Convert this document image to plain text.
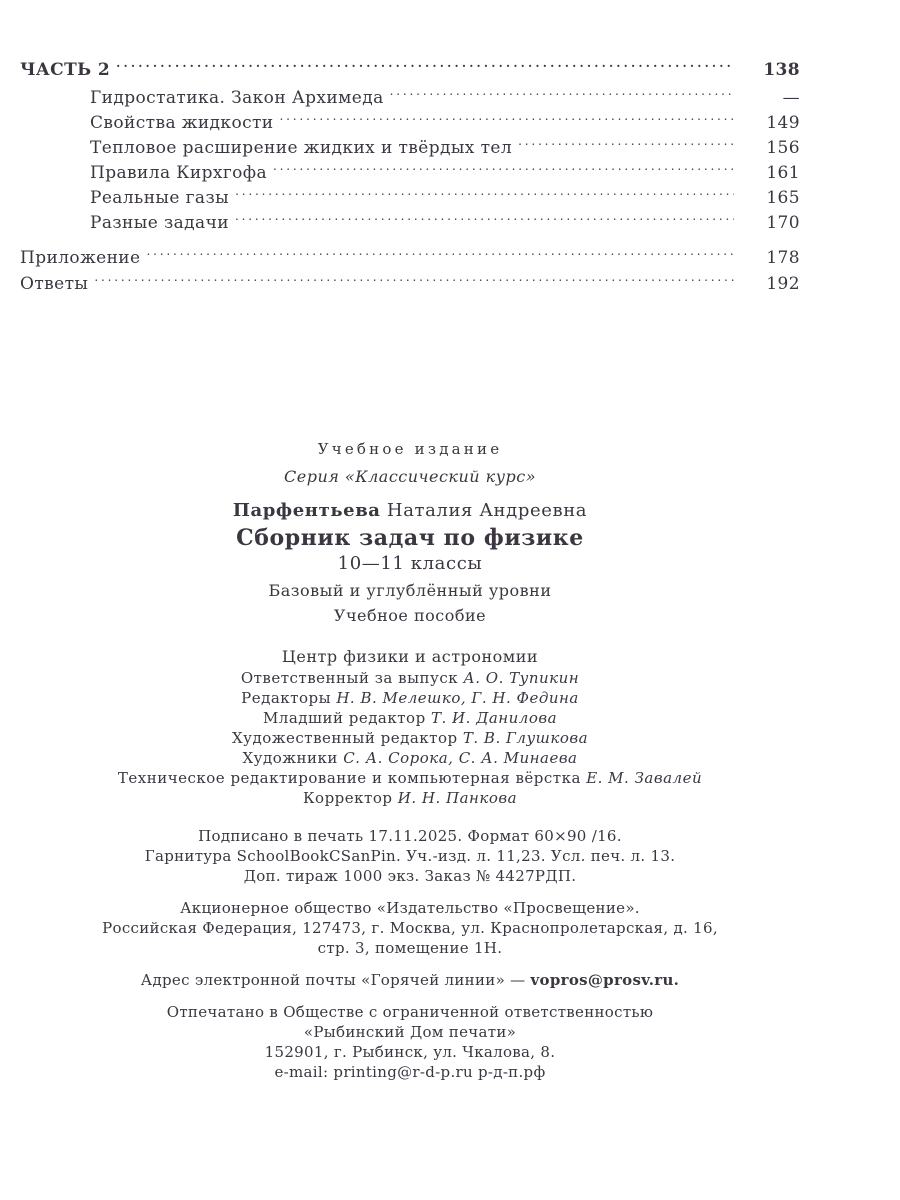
ЧАСТЬ 2 . . .	138
Гидростатика. Закон Архимеда . . .	—
Свойства жидкости . . .	149
Тепловое расширение жидких и твёрдых тел . . .	156
Правила Кирхгофа . . .	161
Реальные газы . . .	165
Разные задачи . . .	170
Приложение . . .	178
Ответы . . .	192

Учебное издание

Серия «Классический курс»

Парфентьева Наталия Андреевна

Сборник задач по физике

10—11 классы

Базовый и углублённый уровни

Учебное пособие

Центр физики и астрономии

Ответственный за выпуск А. О. Тупикин

Редакторы Н. В. Мелешко, Г. Н. Федина

Младший редактор Т. И. Данилова

Художественный редактор Т. В. Глушкова

Художники С. А. Сорока, С. А. Минаева

Техническое редактирование и компьютерная вёрстка Е. М. Завалей

Корректор И. Н. Панкова

Подписано в печать 17.11.2025. Формат 60×90 /16.

Гарнитура SchoolBookCSanPin. Уч.-изд. л. 11,23. Усл. печ. л. 13.

Доп. тираж 1000 экз. Заказ № 4427РДП.

Акционерное общество «Издательство «Просвещение».

Российская Федерация, 127473, г. Москва, ул. Краснопролетарская, д. 16,

стр. 3, помещение 1Н.

Адрес электронной почты «Горячей линии» — vopros@prosv.ru.

Отпечатано в Обществе с ограниченной ответственностью

«Рыбинский Дом печати»

152901, г. Рыбинск, ул. Чкалова, 8.

e-mail: printing@r-d-p.ru р-д-п.рф
